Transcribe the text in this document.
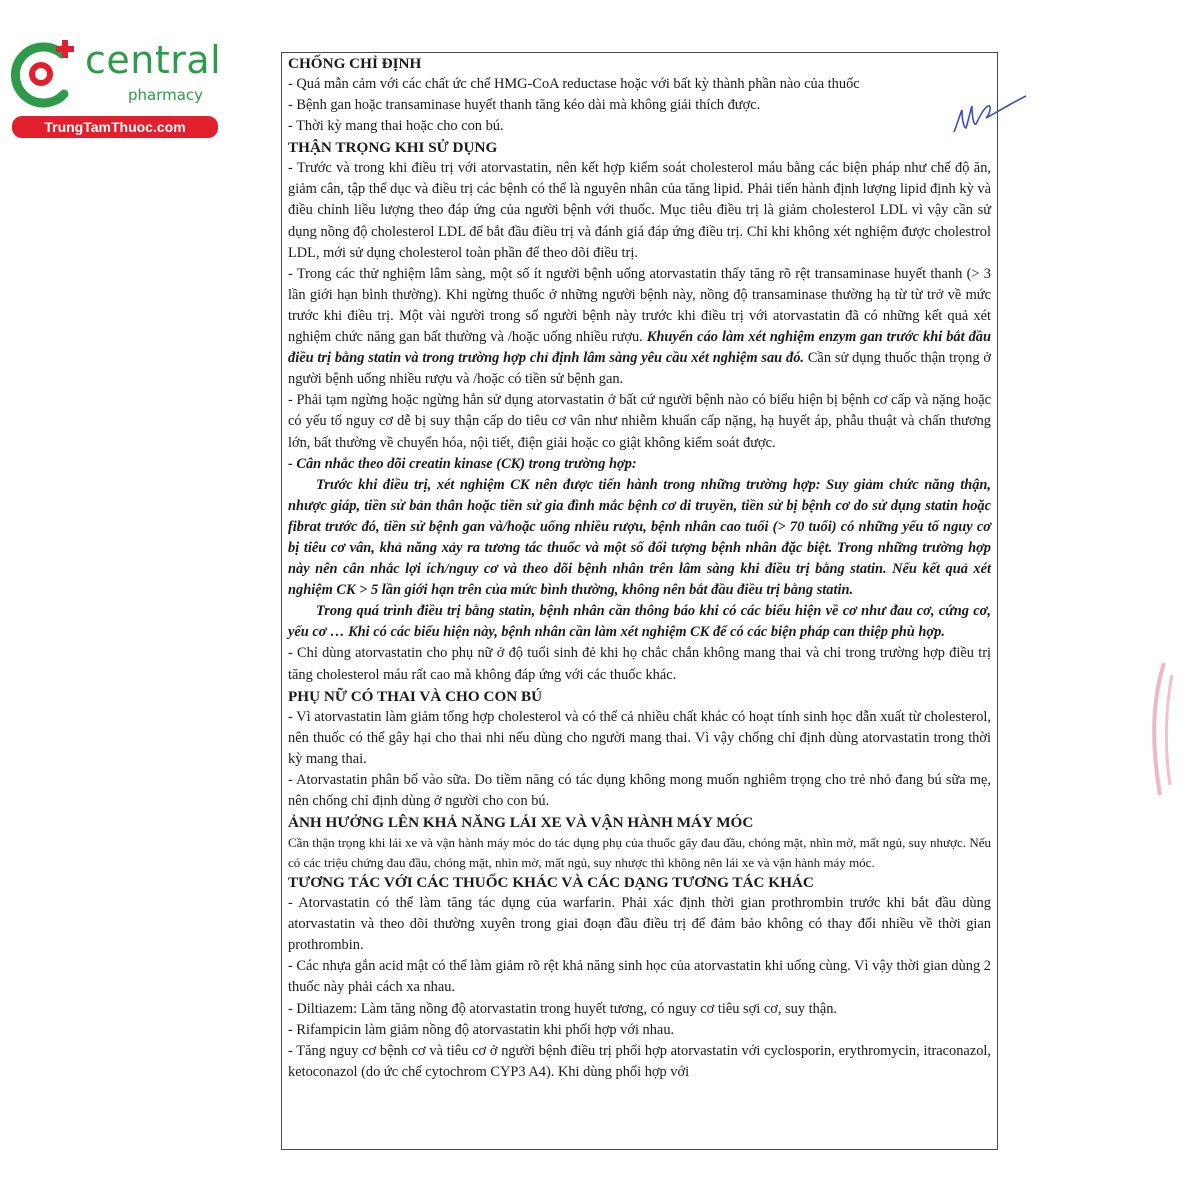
central
pharmacy
TrungTamThuoc.com

CHỐNG CHỈ ĐỊNH

- Quá mẫn cảm với các chất ức chế HMG-CoA reductase hoặc với bất kỳ thành phần nào của thuốc

- Bệnh gan hoặc transaminase huyết thanh tăng kéo dài mà không giải thích được.

- Thời kỳ mang thai hoặc cho con bú.

THẬN TRỌNG KHI SỬ DỤNG

- Trước và trong khi điều trị với atorvastatin, nên kết hợp kiểm soát cholesterol máu bằng các biện pháp như chế độ ăn, giảm cân, tập thể dục và điều trị các bệnh có thể là nguyên nhân của tăng lipid. Phải tiến hành định lượng lipid định kỳ và điều chỉnh liều lượng theo đáp ứng của người bệnh với thuốc. Mục tiêu điều trị là giảm cholesterol LDL vì vậy cần sử dụng nồng độ cholesterol LDL để bắt đầu điều trị và đánh giá đáp ứng điều trị. Chỉ khi không xét nghiệm được cholestrol LDL, mới sử dụng cholesterol toàn phần để theo dõi điều trị.

- Trong các thử nghiệm lâm sàng, một số ít người bệnh uống atorvastatin thấy tăng rõ rệt transaminase huyết thanh (> 3 lần giới hạn bình thường). Khi ngừng thuốc ở những người bệnh này, nồng độ transaminase thường hạ từ từ trở về mức trước khi điều trị. Một vài người trong số người bệnh này trước khi điều trị với atorvastatin đã có những kết quả xét nghiệm chức năng gan bất thường và /hoặc uống nhiều rượu. Khuyến cáo làm xét nghiệm enzym gan trước khi bắt đầu điều trị bằng statin và trong trường hợp chỉ định lâm sàng yêu cầu xét nghiệm sau đó. Cần sử dụng thuốc thận trọng ở người bệnh uống nhiều rượu và /hoặc có tiền sử bệnh gan.

- Phải tạm ngừng hoặc ngừng hẳn sử dụng atorvastatin ở bất cứ người bệnh nào có biểu hiện bị bệnh cơ cấp và nặng hoặc có yếu tố nguy cơ dễ bị suy thận cấp do tiêu cơ vân như nhiễm khuẩn cấp nặng, hạ huyết áp, phẫu thuật và chấn thương lớn, bất thường về chuyển hóa, nội tiết, điện giải hoặc co giật không kiểm soát được.

- Cân nhắc theo dõi creatin kinase (CK) trong trường hợp:

Trước khi điều trị, xét nghiệm CK nên được tiến hành trong những trường hợp: Suy giảm chức năng thận, nhược giáp, tiền sử bản thân hoặc tiền sử gia đình mắc bệnh cơ di truyền, tiền sử bị bệnh cơ do sử dụng statin hoặc fibrat trước đó, tiền sử bệnh gan và/hoặc uống nhiều rượu, bệnh nhân cao tuổi (> 70 tuổi) có những yếu tố nguy cơ bị tiêu cơ vân, khả năng xảy ra tương tác thuốc và một số đối tượng bệnh nhân đặc biệt. Trong những trường hợp này nên cân nhắc lợi ích/nguy cơ và theo dõi bệnh nhân trên lâm sàng khi điều trị bằng statin. Nếu kết quả xét nghiệm CK > 5 lần giới hạn trên của mức bình thường, không nên bắt đầu điều trị bằng statin.

Trong quá trình điều trị bằng statin, bệnh nhân cần thông báo khi có các biểu hiện về cơ như đau cơ, cứng cơ, yếu cơ … Khi có các biểu hiện này, bệnh nhân cần làm xét nghiệm CK để có các biện pháp can thiệp phù hợp.

- Chỉ dùng atorvastatin cho phụ nữ ở độ tuổi sinh đẻ khi họ chắc chắn không mang thai và chỉ trong trường hợp điều trị tăng cholesterol máu rất cao mà không đáp ứng với các thuốc khác.

PHỤ NỮ CÓ THAI VÀ CHO CON BÚ

- Vì atorvastatin làm giảm tổng hợp cholesterol và có thể cả nhiều chất khác có hoạt tính sinh học dẫn xuất từ cholesterol, nên thuốc có thể gây hại cho thai nhi nếu dùng cho người mang thai. Vì vậy chống chỉ định dùng atorvastatin trong thời kỳ mang thai.

- Atorvastatin phân bố vào sữa. Do tiềm năng có tác dụng không mong muốn nghiêm trọng cho trẻ nhỏ đang bú sữa mẹ, nên chống chỉ định dùng ở người cho con bú.

ẢNH HƯỞNG LÊN KHẢ NĂNG LÁI XE VÀ VẬN HÀNH MÁY MÓC

Cần thận trọng khi lái xe và vận hành máy móc do tác dụng phụ của thuốc gây đau đầu, chóng mặt, nhìn mờ, mất ngủ, suy nhược. Nếu có các triệu chứng đau đầu, chóng mặt, nhìn mờ, mất ngủ, suy nhược thì không nên lái xe và vận hành máy móc.

TƯƠNG TÁC VỚI CÁC THUỐC KHÁC VÀ CÁC DẠNG TƯƠNG TÁC KHÁC

- Atorvastatin có thể làm tăng tác dụng của warfarin. Phải xác định thời gian prothrombin trước khi bắt đầu dùng atorvastatin và theo dõi thường xuyên trong giai đoạn đầu điều trị để đảm bảo không có thay đổi nhiều về thời gian prothrombin.

- Các nhựa gắn acid mật có thể làm giảm rõ rệt khả năng sinh học của atorvastatin khi uống cùng. Vì vậy thời gian dùng 2 thuốc này phải cách xa nhau.

- Diltiazem: Làm tăng nồng độ atorvastatin trong huyết tương, có nguy cơ tiêu sợi cơ, suy thận.

- Rifampicin làm giảm nồng độ atorvastatin khi phối hợp với nhau.

- Tăng nguy cơ bệnh cơ và tiêu cơ ở người bệnh điều trị phối hợp atorvastatin với cyclosporin, erythromycin, itraconazol, ketoconazol (do ức chế cytochrom CYP3 A4). Khi dùng phối hợp với
